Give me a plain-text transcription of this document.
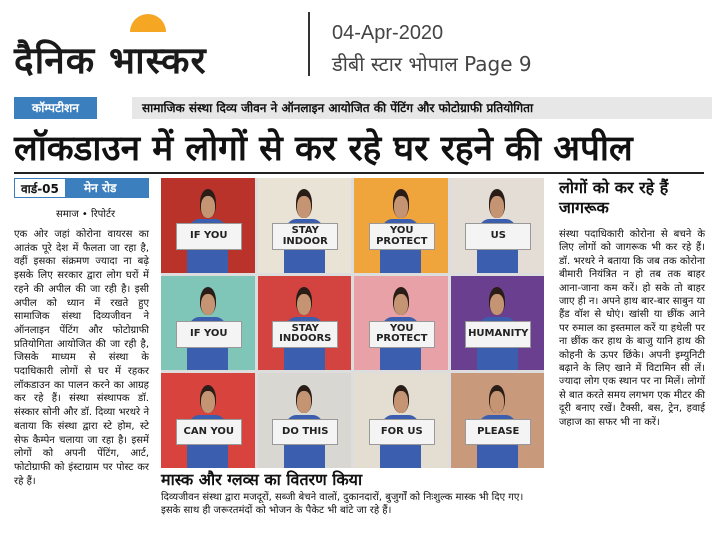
दैनिक भास्कर
04-Apr-2020
डीबी स्टार भोपाल Page 9
कॉम्पटीशन	सामाजिक संस्था दिव्य जीवन ने ऑनलाइन आयोजित की पेंटिंग और फोटोग्राफी प्रतियोगिता
लॉकडाउन में लोगों से कर रहे घर रहने की अपील
वार्ड-05	मेन रोड
समाज • रिपोर्टर
एक ओर जहां कोरोना वायरस का आतंक पूरे देश में फैलता जा रहा है, वहीं इसका संक्रमण ज्यादा ना बढ़े इसके लिए सरकार द्वारा लोग घरों में रहने की अपील की जा रही है। इसी अपील को ध्यान में रखते हुए सामाजिक संस्था दिव्यजीवन ने ऑनलाइन पेंटिंग और फोटोग्राफी प्रतियोगिता आयोजित की जा रही है, जिसके माध्यम से संस्था के पदाधिकारी लोगों से घर में रहकर लॉकडाउन का पालन करने का आग्रह कर रहे हैं। संस्था संस्थापक डॉ. संस्कार सोनी और डॉ. दिव्या भरथरे ने बताया कि संस्था द्वारा स्टे होम, स्टे सेफ कैम्पेन चलाया जा रहा है। इसमें लोगों को अपनी पेंटिंग, आर्ट, फोटोग्राफी को इंस्टाग्राम पर पोस्ट कर रहे हैं।
IF YOU	STAY INDOOR
YOU PROTECT	US
IF YOU	STAY INDOORS
YOU PROTECT	HUMANITY
CAN YOU	DO THIS	FOR US	PLEASE
मास्क और ग्लव्स का वितरण किया
दिव्यजीवन संस्था द्वारा मजदूरों, सब्जी बेचने वालों, दुकानदारों, बुजुर्गों को निःशुल्क मास्क भी दिए गए। इसके साथ ही जरूरतमंदों को भोजन के पैकेट भी बांटे जा रहे हैं।
लोगों को कर रहे हैं जागरूक
संस्था पदाधिकारी कोरोना से बचने के लिए लोगों को जागरूक भी कर रहे हैं। डॉ. भरथरे ने बताया कि जब तक कोरोना बीमारी नियंत्रित न हो तब तक बाहर आना-जाना कम करें। हो सके तो बाहर जाए ही न। अपने हाथ बार-बार साबुन या हैंड वॉश से धोएं। खांसी या छींक आने पर रुमाल का इस्तमाल करें या हथेली पर ना छींक कर हाथ के बाजु यानि हाथ की कोहनी के ऊपर छिंके। अपनी इम्युनिटी बढ़ाने के लिए खाने में विटामिन सी लें। ज्यादा लोग एक स्थान पर ना मिलें। लोगों से बात करते समय लगभग एक मीटर की दूरी बनाए रखें। टैक्सी, बस, ट्रेन, हवाई जहाज का सफर भी ना करें।
